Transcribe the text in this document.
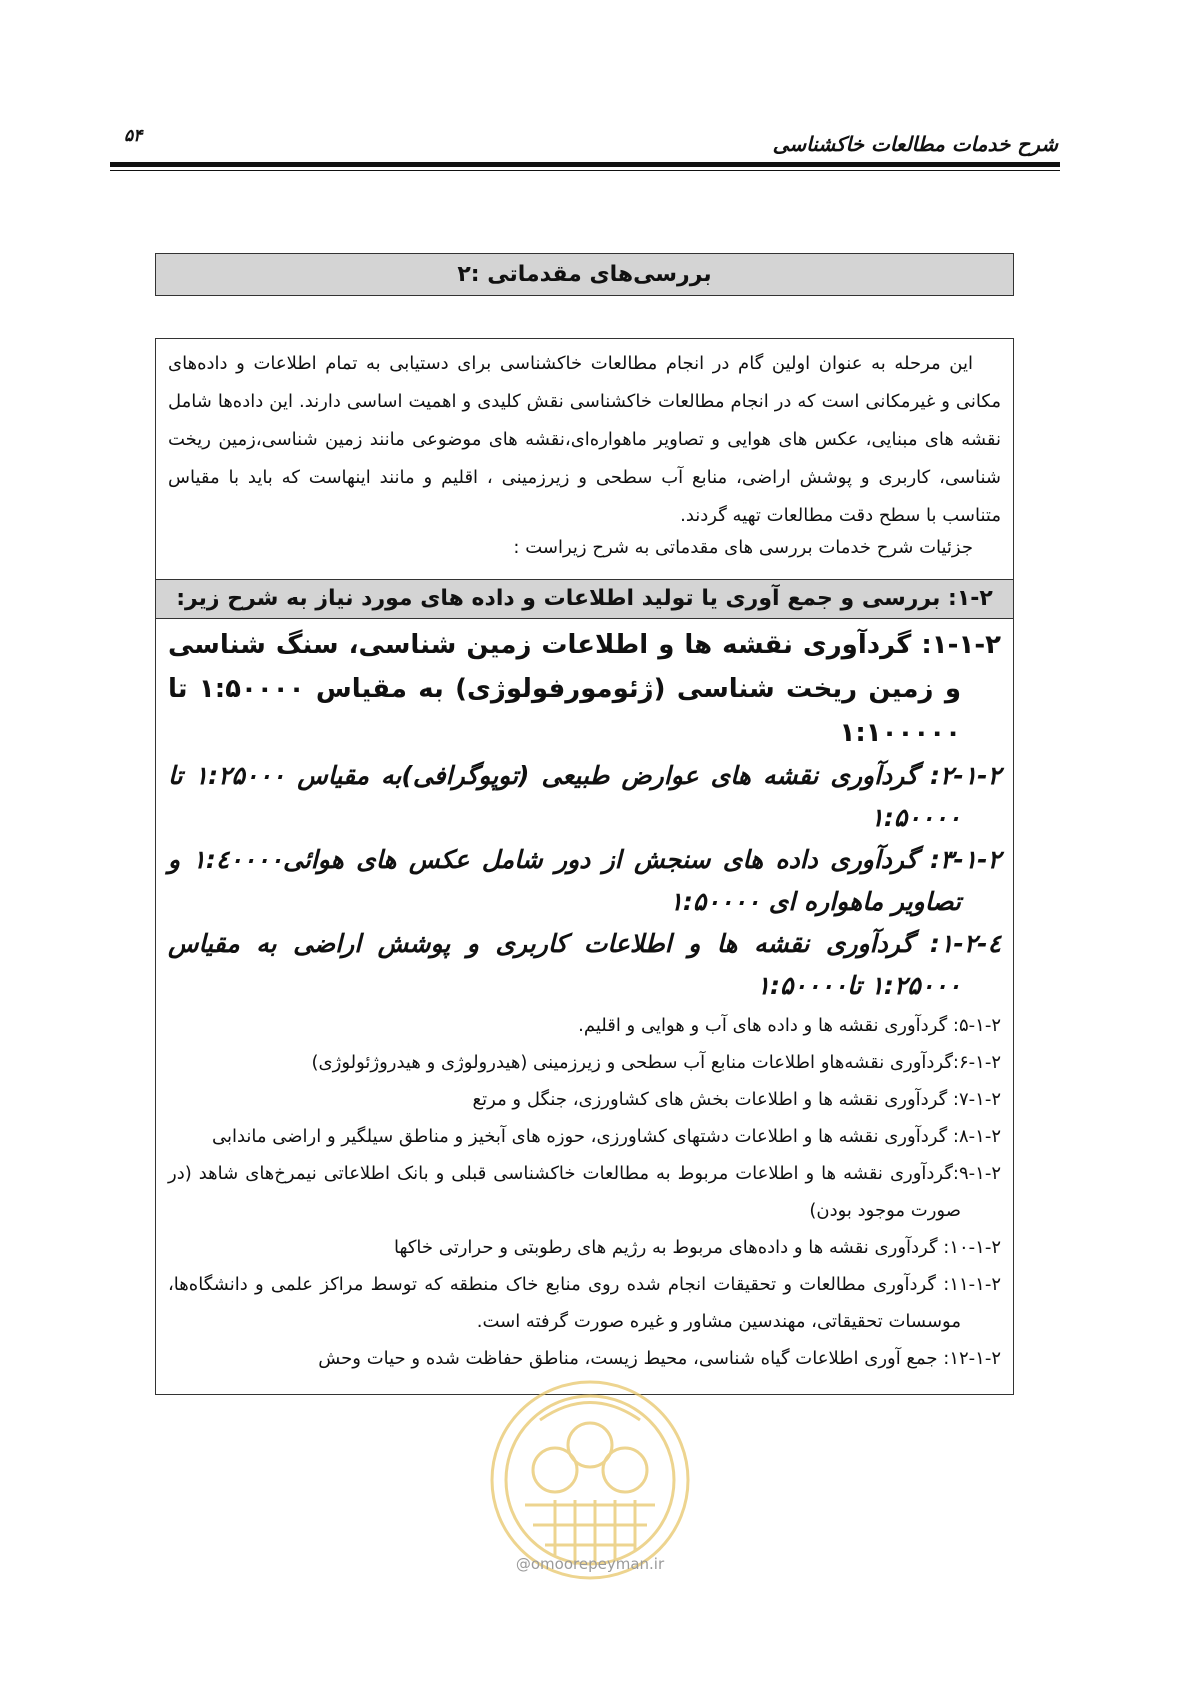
۵۴	شرح خدمات مطالعات خاکشناسی
۲: بررسی‌های مقدماتی

این مرحله به عنوان اولین گام در انجام مطالعات خاکشناسی برای دستیابی به تمام اطلاعات و داده‌های مکانی و غیرمکانی است که در انجام مطالعات خاکشناسی نقش کلیدی و اهمیت اساسی دارند. این داده‌ها شامل نقشه های مبنایی، عکس های هوایی و تصاویر ماهواره‌ای،نقشه های موضوعی مانند زمین شناسی،زمین ریخت شناسی، کاربری و پوشش اراضی، منابع آب سطحی و زیرزمینی ، اقلیم و مانند اینهاست که باید با مقیاس متناسب با سطح دقت مطالعات تهیه گردند.

جزئیات شرح خدمات بررسی های مقدماتی به شرح زیراست :
۱-۲: بررسی و جمع آوری یا تولید اطلاعات و داده های مورد نیاز به شرح زیر:

۱-۱-۲: گردآوری نقشه ها و اطلاعات زمین شناسی، سنگ شناسی و زمین ریخت شناسی (ژئومورفولوژی) به مقیاس ۱:۵۰۰۰۰ تا ۱:۱۰۰۰۰۰

۲-۱-۲: گردآوری نقشه های عوارض طبیعی (توپوگرافی)به مقیاس ۱:۲۵۰۰۰ تا ۱:۵۰۰۰۰

۳-۱-۲: گردآوری داده های سنجش از دور شامل عکس های هوائی۱:٤۰۰۰۰ و تصاویر ماهواره ای ۱:۵۰۰۰۰

٤-۱-۲: گردآوری نقشه ها و اطلاعات کاربری و پوشش اراضی به مقیاس ۱:۲۵۰۰۰ تا۱:۵۰۰۰۰

۵-۱-۲: گردآوری نقشه ها و داده های آب و هوایی و اقلیم.

۶-۱-۲:گردآوری نقشه‌هاو اطلاعات منابع آب سطحی و زیرزمینی (هیدرولوژی و هیدروژئولوژی)

۷-۱-۲: گردآوری نقشه ها و اطلاعات بخش های کشاورزی، جنگل و مرتع

۸-۱-۲: گردآوری نقشه ها و اطلاعات دشتهای کشاورزی، حوزه های آبخیز و مناطق سیلگیر و اراضی ماندابی

۹-۱-۲:گردآوری نقشه ها و اطلاعات مربوط به مطالعات خاکشناسی قبلی و بانک اطلاعاتی نیمرخ‌های شاهد (در صورت موجود بودن)

۱۰-۱-۲: گردآوری نقشه ها و داده‌های مربوط به رژیم های رطوبتی و حرارتی خاکها

۱۱-۱-۲: گردآوری مطالعات و تحقیقات انجام شده روی منابع خاک منطقه که توسط مراکز علمی و دانشگاه‌ها، موسسات تحقیقاتی، مهندسین مشاور و غیره صورت گرفته است.

۱۲-۱-۲: جمع آوری اطلاعات گیاه شناسی، محیط زیست، مناطق حفاظت شده و حیات وحش

@omoorepeyman.ir
